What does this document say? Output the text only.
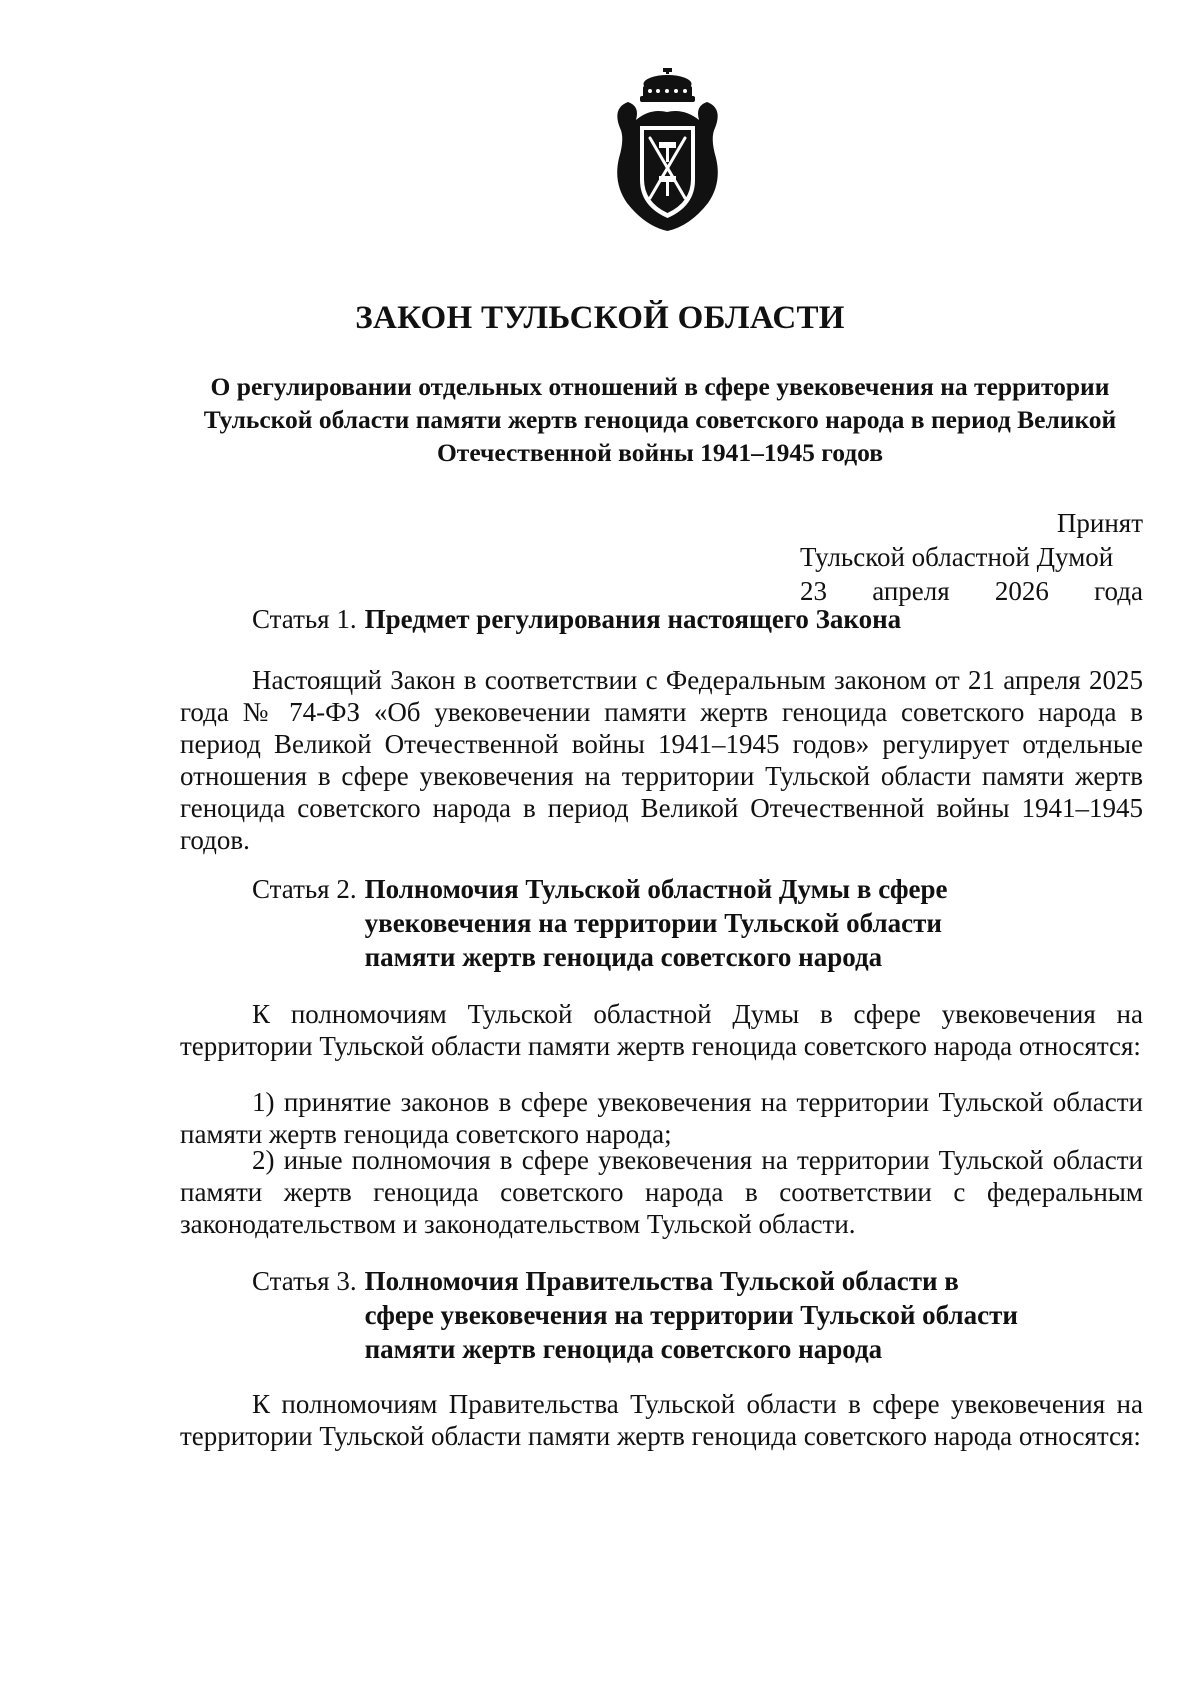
ЗАКОН ТУЛЬСКОЙ ОБЛАСТИ
О регулировании отдельных отношений в сфере увековечения на территории Тульской области памяти жертв геноцида советского народа в период Великой Отечественной войны 1941–1945 годов
Принят
Тульской областной Думой
23 апреля 2026 года
Статья 1. Предмет регулирования настоящего Закона
Настоящий Закон в соответствии с Федеральным законом от 21 апреля 2025 года № 74-ФЗ «Об увековечении памяти жертв геноцида советского народа в период Великой Отечественной войны 1941–1945 годов» регулирует отдельные отношения в сфере увековечения на территории Тульской области памяти жертв геноцида советского народа в период Великой Отечественной войны 1941–1945 годов.
Статья 2. Полномочия Тульской областной Думы в сфере увековечения на территории Тульской области памяти жертв геноцида советского народа
К полномочиям Тульской областной Думы в сфере увековечения на территории Тульской области памяти жертв геноцида советского народа относятся:
1) принятие законов в сфере увековечения на территории Тульской области памяти жертв геноцида советского народа;
2) иные полномочия в сфере увековечения на территории Тульской области памяти жертв геноцида советского народа в соответствии с федеральным законодательством и законодательством Тульской области.
Статья 3. Полномочия Правительства Тульской области в сфере увековечения на территории Тульской области памяти жертв геноцида советского народа
К полномочиям Правительства Тульской области в сфере увековечения на территории Тульской области памяти жертв геноцида советского народа относятся:
